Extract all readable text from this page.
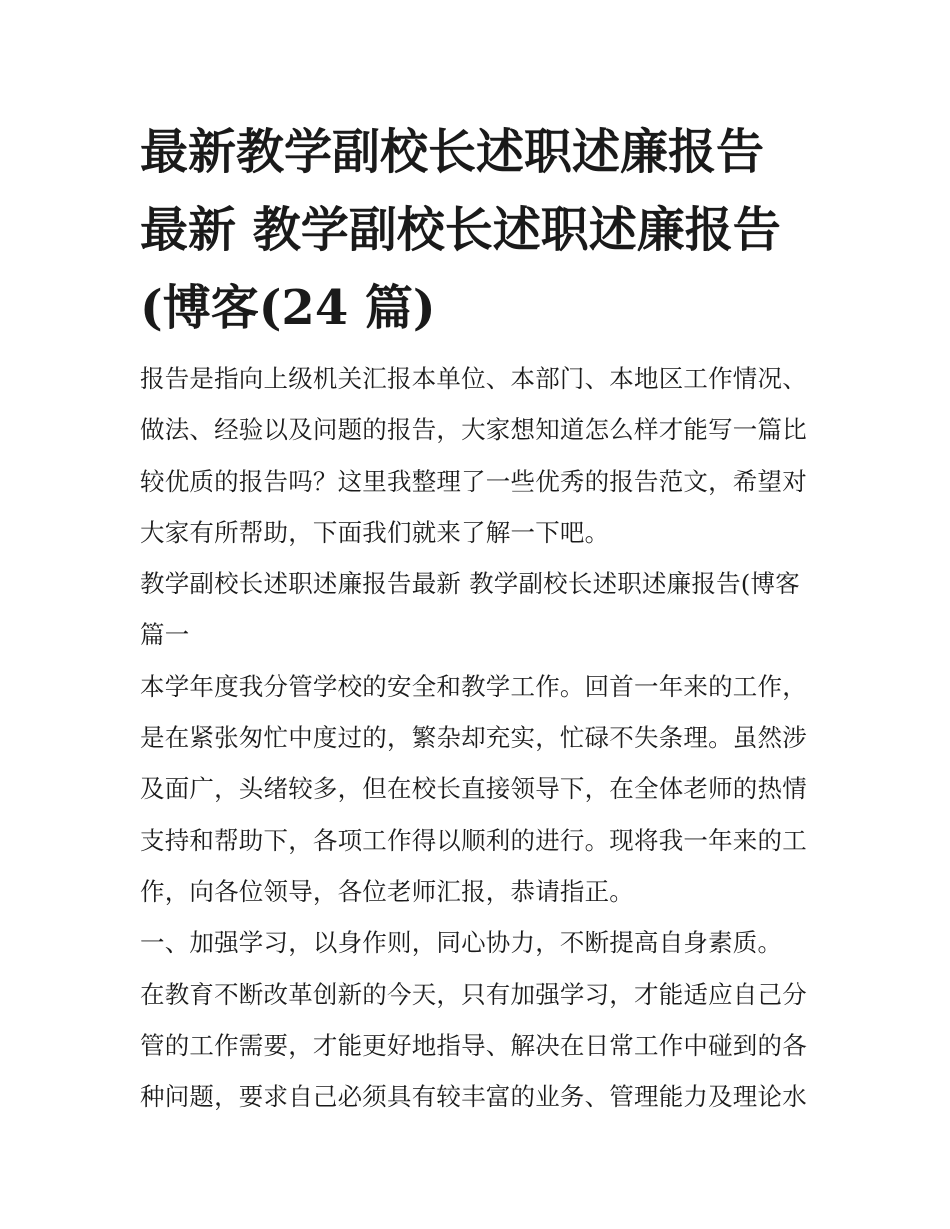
最新教学副校长述职述廉报告
最新 教学副校长述职述廉报告
(博客(24 篇)
报告是指向上级机关汇报本单位、本部门、本地区工作情况、
做法、经验以及问题的报告，大家想知道怎么样才能写一篇比
较优质的报告吗？这里我整理了一些优秀的报告范文，希望对
大家有所帮助，下面我们就来了解一下吧。
教学副校长述职述廉报告最新 教学副校长述职述廉报告(博客
篇一
本学年度我分管学校的安全和教学工作。回首一年来的工作，
是在紧张匆忙中度过的，繁杂却充实，忙碌不失条理。虽然涉
及面广，头绪较多，但在校长直接领导下，在全体老师的热情
支持和帮助下，各项工作得以顺利的进行。现将我一年来的工
作，向各位领导，各位老师汇报，恭请指正。
一、加强学习，以身作则，同心协力，不断提高自身素质。
在教育不断改革创新的今天，只有加强学习，才能适应自己分
管的工作需要，才能更好地指导、解决在日常工作中碰到的各
种问题，要求自己必须具有较丰富的业务、管理能力及理论水
